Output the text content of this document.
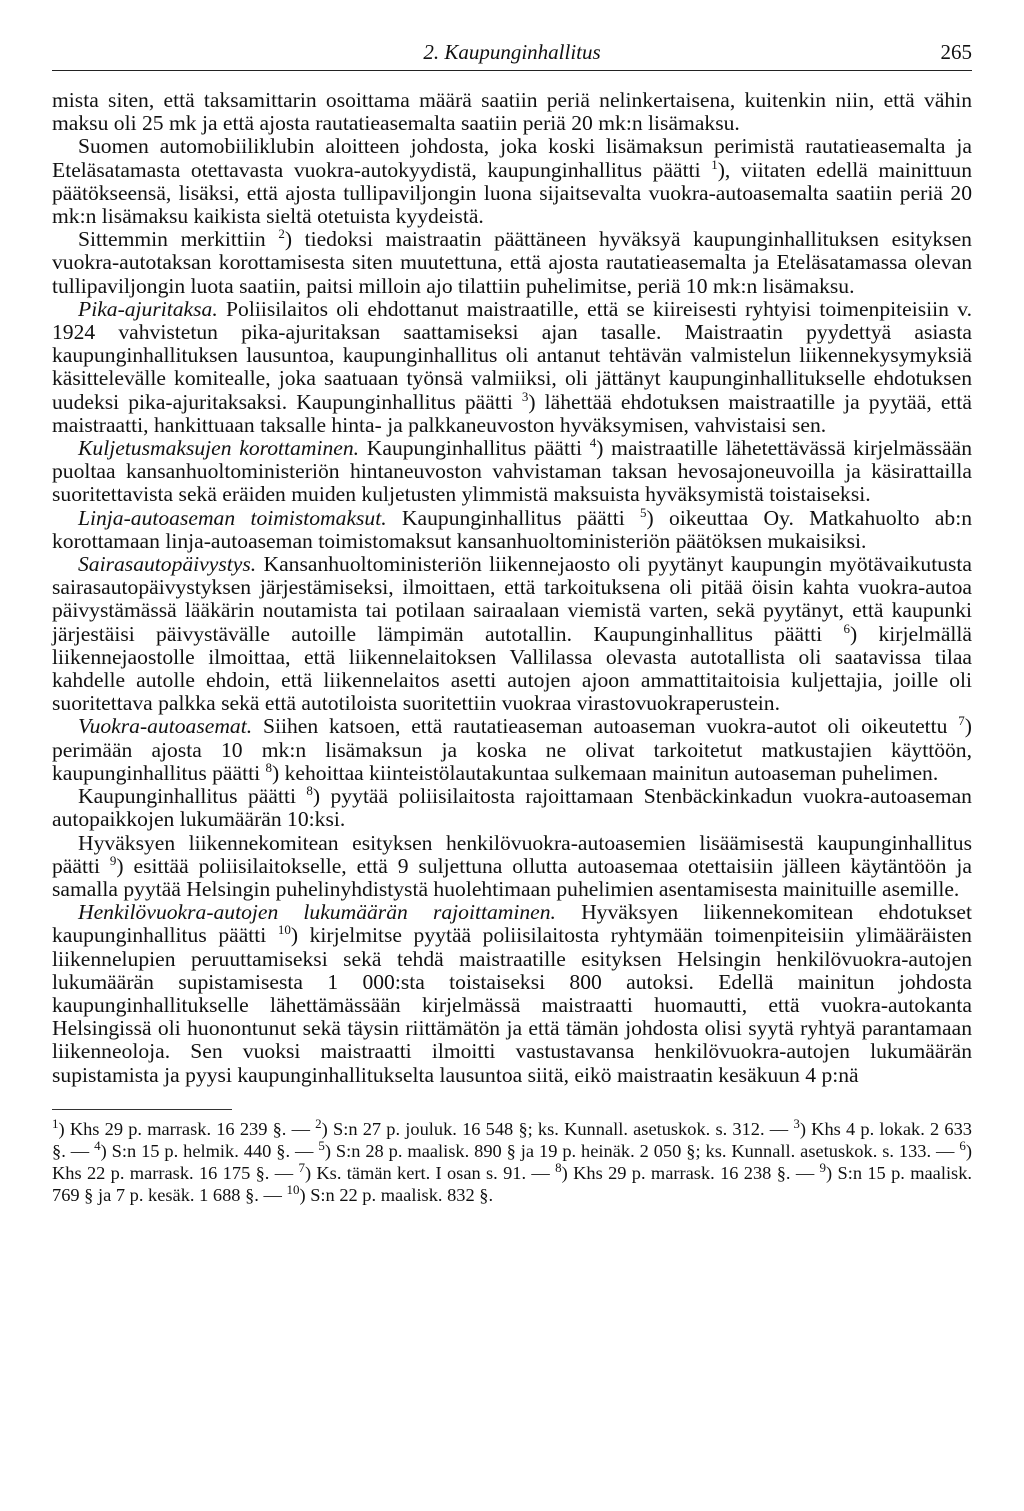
2. Kaupunginhallitus	265

mista siten, että taksamittarin osoittama määrä saatiin periä nelinkertaisena, kuitenkin niin, että vähin maksu oli 25 mk ja että ajosta rautatieasemalta saatiin periä 20 mk:n lisämaksu.

Suomen automobiiliklubin aloitteen johdosta, joka koski lisämaksun perimistä rautatieasemalta ja Eteläsatamasta otettavasta vuokra-autokyydistä, kaupunginhallitus päätti $^1$), viitaten edellä mainittuun päätökseensä, lisäksi, että ajosta tullipaviljongin luona sijaitsevalta vuokra-autoasemalta saatiin periä 20 mk:n lisämaksu kaikista sieltä otetuista kyydeistä.

Sittemmin merkittiin $^2$) tiedoksi maistraatin päättäneen hyväksyä kaupunginhallituksen esityksen vuokra-autotaksan korottamisesta siten muutettuna, että ajosta rautatieasemalta ja Eteläsatamassa olevan tullipaviljongin luota saatiin, paitsi milloin ajo tilattiin puhelimitse, periä 10 mk:n lisämaksu.

Pika-ajuritaksa. Poliisilaitos oli ehdottanut maistraatille, että se kiireisesti ryhtyisi toimenpiteisiin v. 1924 vahvistetun pika-ajuritaksan saattamiseksi ajan tasalle. Maistraatin pyydettyä asiasta kaupunginhallituksen lausuntoa, kaupunginhallitus oli antanut tehtävän valmistelun liikennekysymyksiä käsittelevälle komitealle, joka saatuaan työnsä valmiiksi, oli jättänyt kaupunginhallitukselle ehdotuksen uudeksi pika-ajuritaksaksi. Kaupunginhallitus päätti $^3$) lähettää ehdotuksen maistraatille ja pyytää, että maistraatti, hankittuaan taksalle hinta- ja palkkaneuvoston hyväksymisen, vahvistaisi sen.

Kuljetusmaksujen korottaminen. Kaupunginhallitus päätti $^4$) maistraatille lähetettävässä kirjelmässään puoltaa kansanhuoltoministeriön hintaneuvoston vahvistaman taksan hevosajoneuvoilla ja käsirattailla suoritettavista sekä eräiden muiden kuljetusten ylimmistä maksuista hyväksymistä toistaiseksi.

Linja-autoaseman toimistomaksut. Kaupunginhallitus päätti $^5$) oikeuttaa Oy. Matkahuolto ab:n korottamaan linja-autoaseman toimistomaksut kansanhuoltoministeriön päätöksen mukaisiksi.

Sairasautopäivystys. Kansanhuoltoministeriön liikennejaosto oli pyytänyt kaupungin myötävaikutusta sairasautopäivystyksen järjestämiseksi, ilmoittaen, että tarkoituksena oli pitää öisin kahta vuokra-autoa päivystämässä lääkärin noutamista tai potilaan sairaalaan viemistä varten, sekä pyytänyt, että kaupunki järjestäisi päivystävälle autoille lämpimän autotallin. Kaupunginhallitus päätti $^6$) kirjelmällä liikennejaostolle ilmoittaa, että liikennelaitoksen Vallilassa olevasta autotallista oli saatavissa tilaa kahdelle autolle ehdoin, että liikennelaitos asetti autojen ajoon ammattitaitoisia kuljettajia, joille oli suoritettava palkka sekä että autotiloista suoritettiin vuokraa virastovuokraperustein.

Vuokra-autoasemat. Siihen katsoen, että rautatieaseman autoaseman vuokra-autot oli oikeutettu $^7$) perimään ajosta 10 mk:n lisämaksun ja koska ne olivat tarkoitetut matkustajien käyttöön, kaupunginhallitus päätti $^8$) kehoittaa kiinteistölautakuntaa sulkemaan mainitun autoaseman puhelimen.

Kaupunginhallitus päätti $^8$) pyytää poliisilaitosta rajoittamaan Stenbäckinkadun vuokra-autoaseman autopaikkojen lukumäärän 10:ksi.

Hyväksyen liikennekomitean esityksen henkilövuokra-autoasemien lisäämisestä kaupunginhallitus päätti $^9$) esittää poliisilaitokselle, että 9 suljettuna ollutta autoasemaa otettaisiin jälleen käytäntöön ja samalla pyytää Helsingin puhelinyhdistystä huolehtimaan puhelimien asentamisesta mainituille asemille.

Henkilövuokra-autojen lukumäärän rajoittaminen. Hyväksyen liikennekomitean ehdotukset kaupunginhallitus päätti $^{10}$) kirjelmitse pyytää poliisilaitosta ryhtymään toimenpiteisiin ylimääräisten liikennelupien peruuttamiseksi sekä tehdä maistraatille esityksen Helsingin henkilövuokra-autojen lukumäärän supistamisesta 1 000:sta toistaiseksi 800 autoksi. Edellä mainitun johdosta kaupunginhallitukselle lähettämässään kirjelmässä maistraatti huomautti, että vuokra-autokanta Helsingissä oli huonontunut sekä täysin riittämätön ja että tämän johdosta olisi syytä ryhtyä parantamaan liikenneoloja. Sen vuoksi maistraatti ilmoitti vastustavansa henkilövuokra-autojen lukumäärän supistamista ja pyysi kaupunginhallitukselta lausuntoa siitä, eikö maistraatin kesäkuun 4 p:nä

$^1$) Khs 29 p. marrask. 16 239 §. — $^2$) S:n 27 p. jouluk. 16 548 §; ks. Kunnall. asetuskok. s. 312. — $^3$) Khs 4 p. lokak. 2 633 §. — $^4$) S:n 15 p. helmik. 440 §. — $^5$) S:n 28 p. maalisk. 890 § ja 19 p. heinäk. 2 050 §; ks. Kunnall. asetuskok. s. 133. — $^6$) Khs 22 p. marrask. 16 175 §. — $^7$) Ks. tämän kert. I osan s. 91. — $^8$) Khs 29 p. marrask. 16 238 §. — $^9$) S:n 15 p. maalisk. 769 § ja 7 p. kesäk. 1 688 §. — $^{10}$) S:n 22 p. maalisk. 832 §.
